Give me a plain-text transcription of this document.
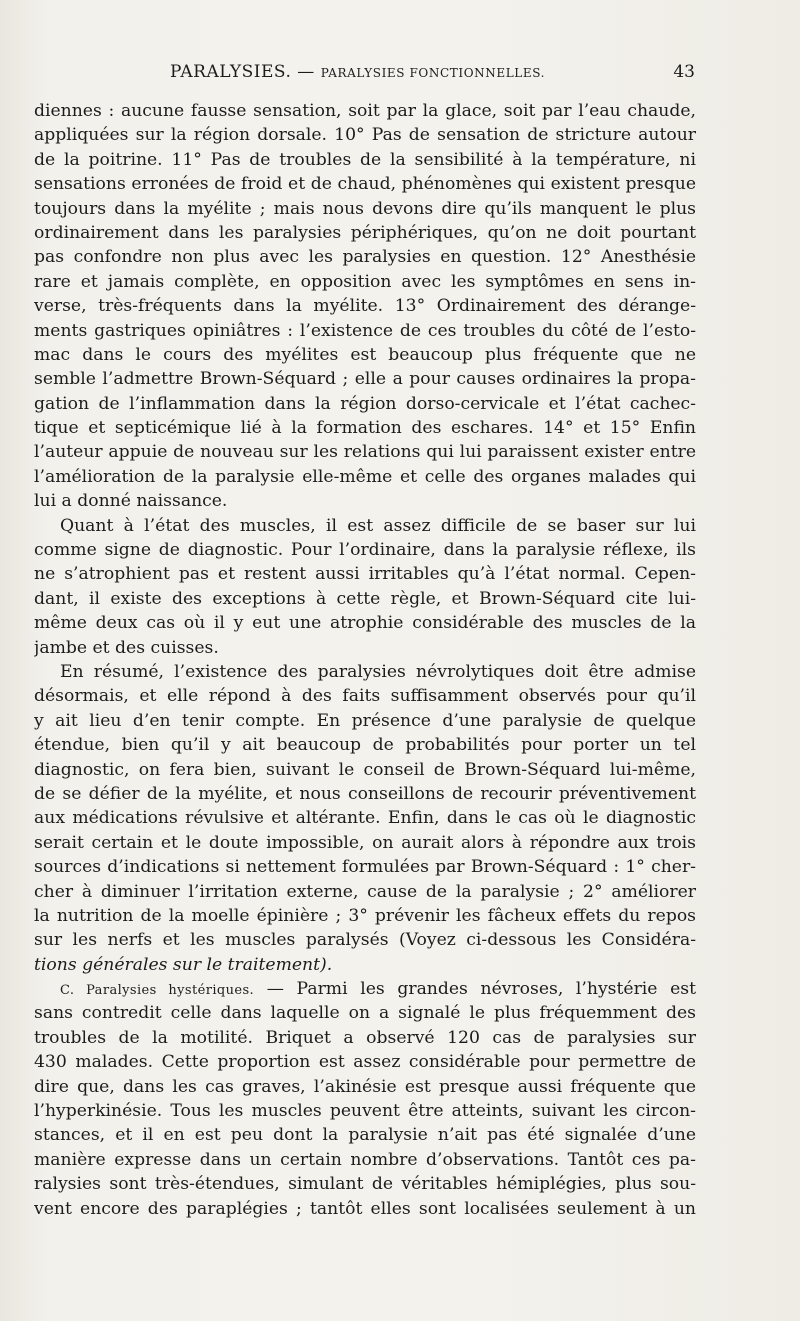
PARALYSIES. — PARALYSIES FONCTIONNELLES.	43
diennes : aucune fausse sensation, soit par la glace, soit par l’eau chaude,
appliquées sur la région dorsale. 10° Pas de sensation de stricture autour
de la poitrine. 11° Pas de troubles de la sensibilité à la température, ni
sensations erronées de froid et de chaud, phénomènes qui existent presque
toujours dans la myélite ; mais nous devons dire qu’ils manquent le plus
ordinairement dans les paralysies périphériques, qu’on ne doit pourtant
pas confondre non plus avec les paralysies en question. 12° Anesthésie
rare et jamais complète, en opposition avec les symptômes en sens in-
verse, très-fréquents dans la myélite. 13° Ordinairement des dérange-
ments gastriques opiniâtres : l’existence de ces troubles du côté de l’esto-
mac dans le cours des myélites est beaucoup plus fréquente que ne
semble l’admettre Brown-Séquard ; elle a pour causes ordinaires la propa-
gation de l’inflammation dans la région dorso-cervicale et l’état cachec-
tique et septicémique lié à la formation des eschares. 14° et 15° Enfin
l’auteur appuie de nouveau sur les relations qui lui paraissent exister entre
l’amélioration de la paralysie elle-même et celle des organes malades qui
lui a donné naissance.
Quant à l’état des muscles, il est assez difficile de se baser sur lui
comme signe de diagnostic. Pour l’ordinaire, dans la paralysie réflexe, ils
ne s’atrophient pas et restent aussi irritables qu’à l’état normal. Cepen-
dant, il existe des exceptions à cette règle, et Brown-Séquard cite lui-
même deux cas où il y eut une atrophie considérable des muscles de la
jambe et des cuisses.
En résumé, l’existence des paralysies névrolytiques doit être admise
désormais, et elle répond à des faits suffisamment observés pour qu’il
y ait lieu d’en tenir compte. En présence d’une paralysie de quelque
étendue, bien qu’il y ait beaucoup de probabilités pour porter un tel
diagnostic, on fera bien, suivant le conseil de Brown-Séquard lui-même,
de se défier de la myélite, et nous conseillons de recourir préventivement
aux médications révulsive et altérante. Enfin, dans le cas où le diagnostic
serait certain et le doute impossible, on aurait alors à répondre aux trois
sources d’indications si nettement formulées par Brown-Séquard : 1° cher-
cher à diminuer l’irritation externe, cause de la paralysie ; 2° améliorer
la nutrition de la moelle épinière ; 3° prévenir les fâcheux effets du repos
sur les nerfs et les muscles paralysés (Voyez ci-dessous les Considéra-
tions générales sur le traitement).
C. Paralysies hystériques. — Parmi les grandes névroses, l’hystérie est
sans contredit celle dans laquelle on a signalé le plus fréquemment des
troubles de la motilité. Briquet a observé 120 cas de paralysies sur
430 malades. Cette proportion est assez considérable pour permettre de
dire que, dans les cas graves, l’akinésie est presque aussi fréquente que
l’hyperkinésie. Tous les muscles peuvent être atteints, suivant les circon-
stances, et il en est peu dont la paralysie n’ait pas été signalée d’une
manière expresse dans un certain nombre d’observations. Tantôt ces pa-
ralysies sont très-étendues, simulant de véritables hémiplégies, plus sou-
vent encore des paraplégies ; tantôt elles sont localisées seulement à un
